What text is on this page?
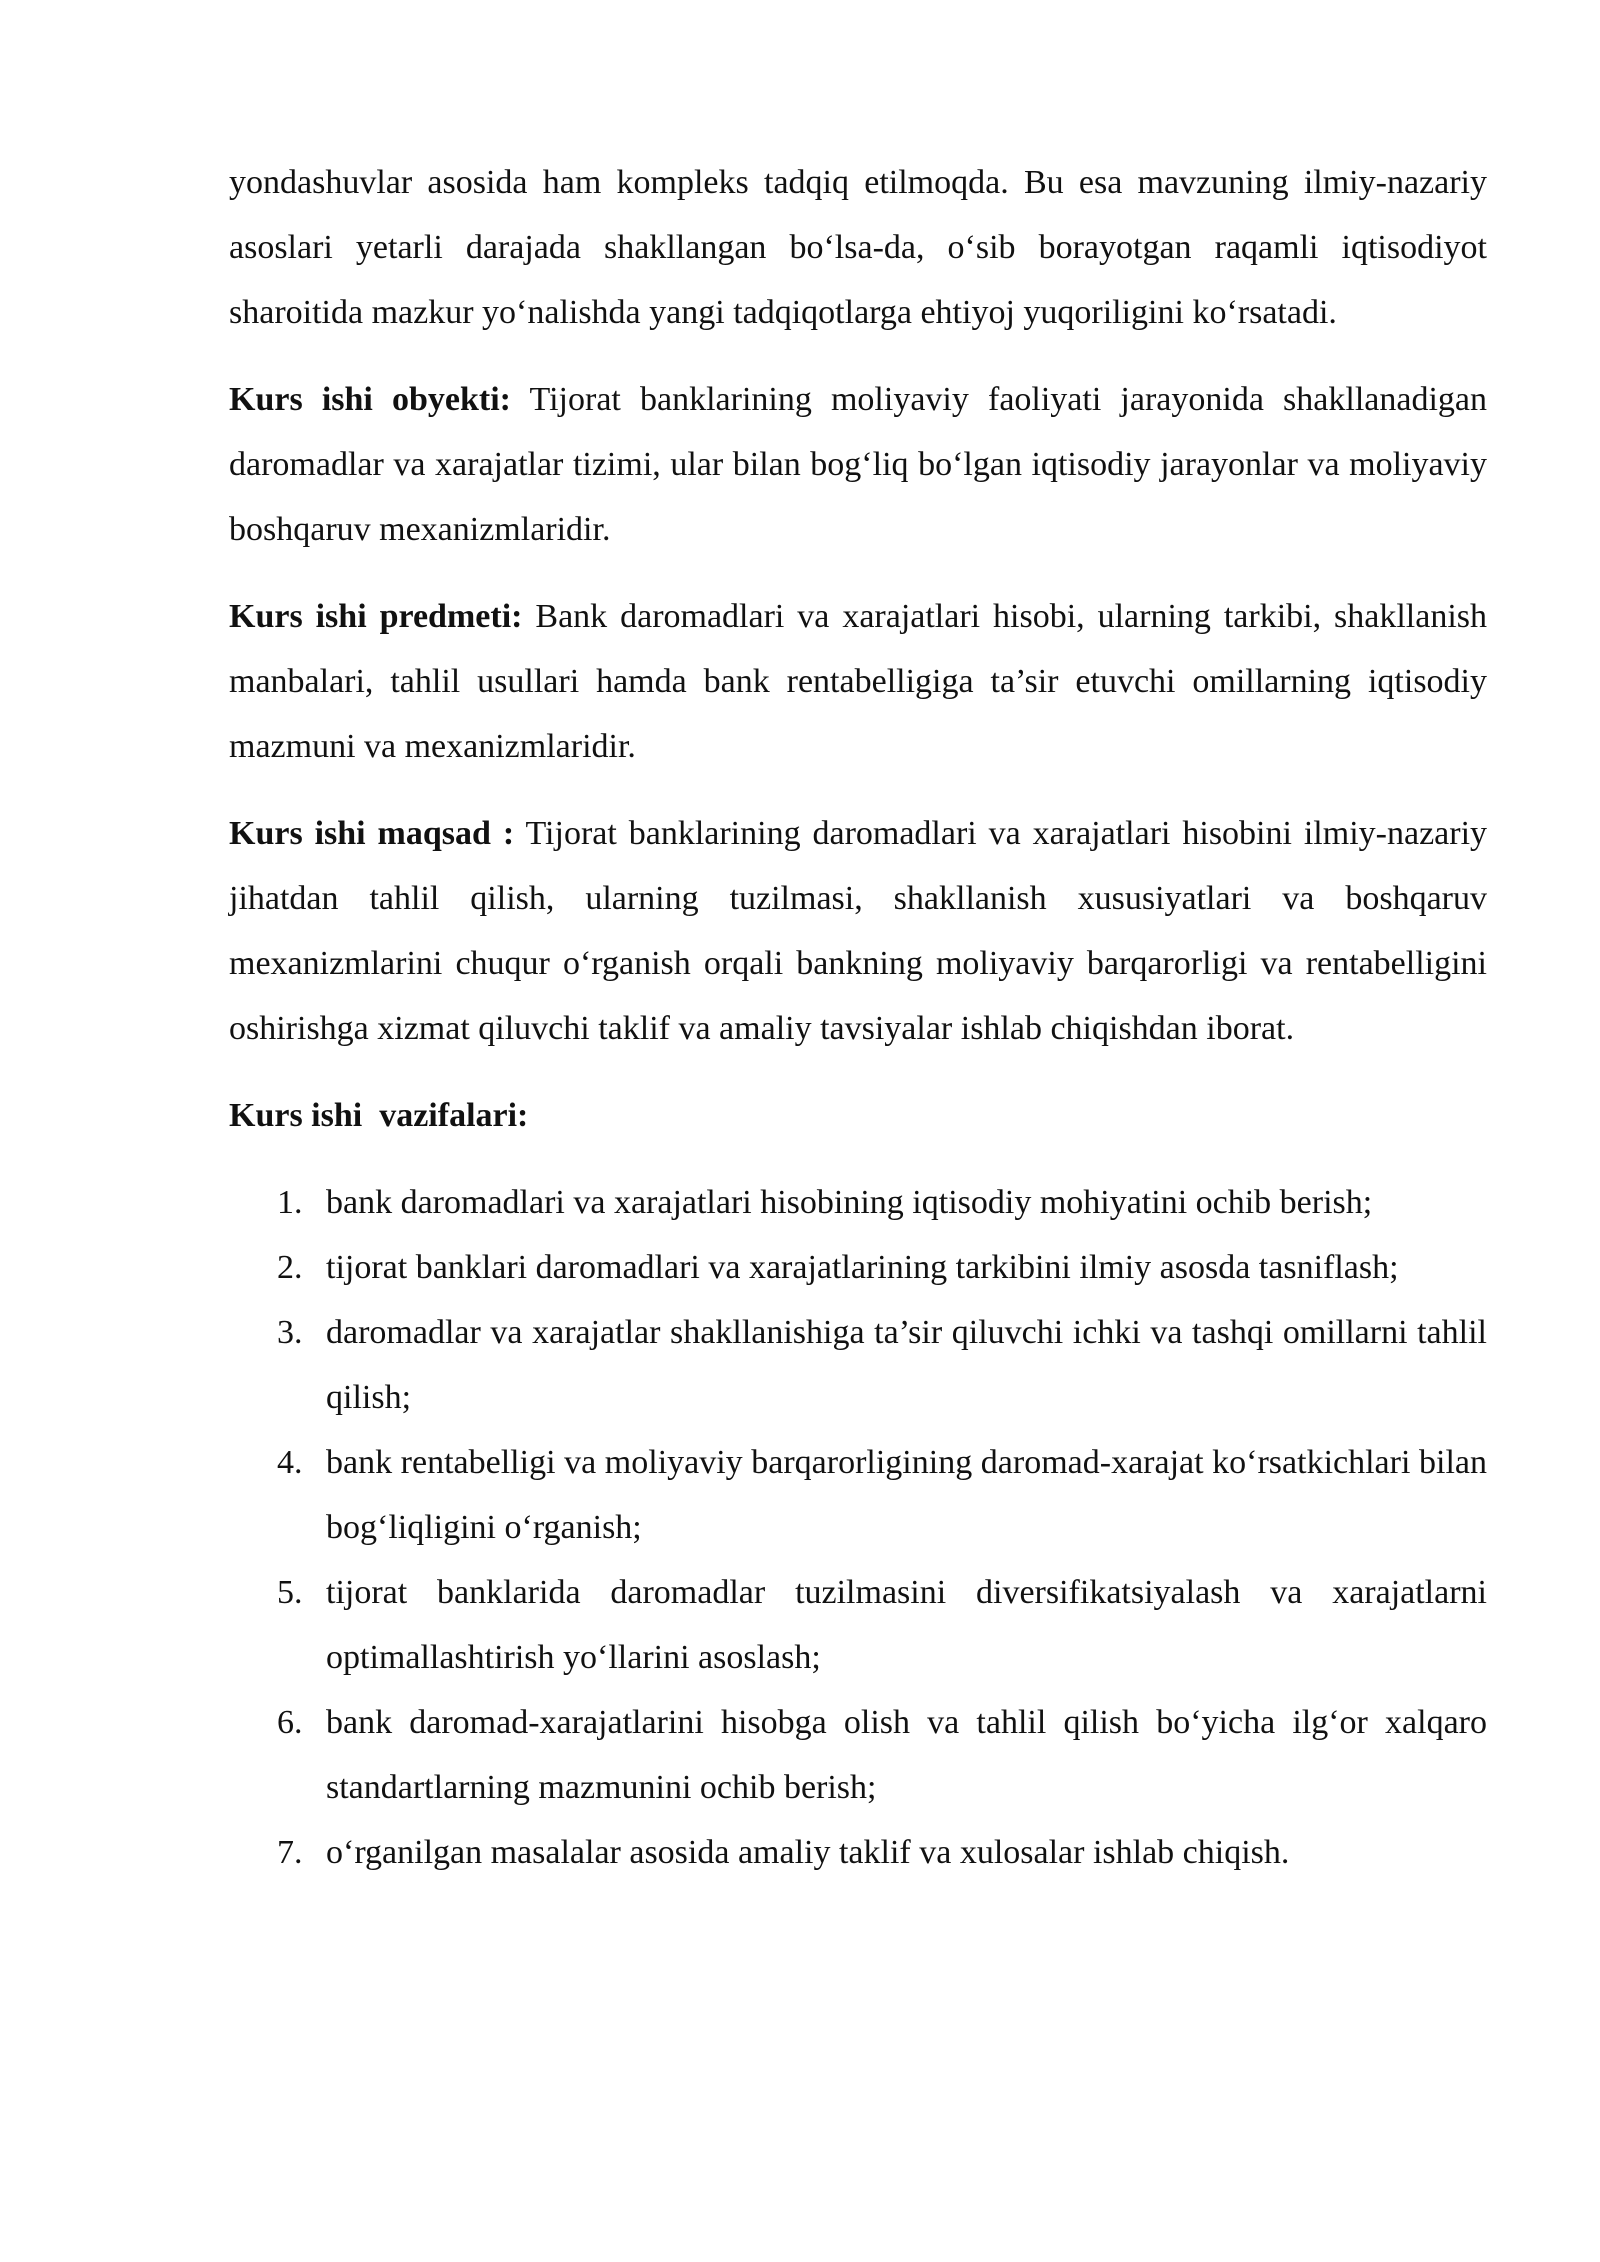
yondashuvlar asosida ham kompleks tadqiq etilmoqda. Bu esa mavzuning ilmiy-nazariy asoslari yetarli darajada shakllangan bo‘lsa-da, o‘sib borayotgan raqamli iqtisodiyot sharoitida mazkur yo‘nalishda yangi tadqiqotlarga ehtiyoj yuqoriligini ko‘rsatadi.

Kurs ishi obyekti: Tijorat banklarining moliyaviy faoliyati jarayonida shakllanadigan daromadlar va xarajatlar tizimi, ular bilan bog‘liq bo‘lgan iqtisodiy jarayonlar va moliyaviy boshqaruv mexanizmlaridir.

Kurs ishi predmeti: Bank daromadlari va xarajatlari hisobi, ularning tarkibi, shakllanish manbalari, tahlil usullari hamda bank rentabelligiga ta’sir etuvchi omillarning iqtisodiy mazmuni va mexanizmlaridir.

Kurs ishi maqsad : Tijorat banklarining daromadlari va xarajatlari hisobini ilmiy-nazariy jihatdan tahlil qilish, ularning tuzilmasi, shakllanish xususiyatlari va boshqaruv mexanizmlarini chuqur o‘rganish orqali bankning moliyaviy barqarorligi va rentabelligini oshirishga xizmat qiluvchi taklif va amaliy tavsiyalar ishlab chiqishdan iborat.

Kurs ishi  vazifalari:
1. bank daromadlari va xarajatlari hisobining iqtisodiy mohiyatini ochib berish;
2. tijorat banklari daromadlari va xarajatlarining tarkibini ilmiy asosda tasniflash;
3. daromadlar va xarajatlar shakllanishiga ta’sir qiluvchi ichki va tashqi omillarni tahlil qilish;
4. bank rentabelligi va moliyaviy barqarorligining daromad-xarajat ko‘rsatkichlari bilan bog‘liqligini o‘rganish;
5. tijorat banklarida daromadlar tuzilmasini diversifikatsiyalash va xarajatlarni optimallashtirish yo‘llarini asoslash;
6. bank daromad-xarajatlarini hisobga olish va tahlil qilish bo‘yicha ilg‘or xalqaro standartlarning mazmunini ochib berish;
7. o‘rganilgan masalalar asosida amaliy taklif va xulosalar ishlab chiqish.
